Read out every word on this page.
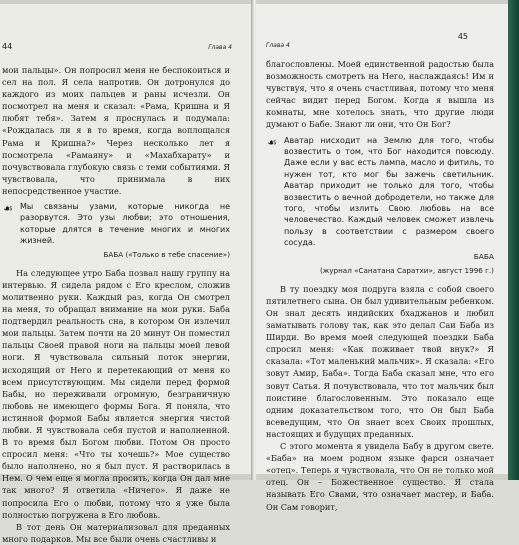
44	Глава 4

мои пальцы». Он попросил меня не беспокоиться и сел на пол. Я села напротив. Он дотронулся до каждого из моих пальцев и раны исчезли. Он посмотрел на меня и сказал: «Рама, Кришна и Я любят тебя». Затем я проснулась и подумала: «Рождалась ли я в то время, когда воплощался Рама и Кришна?» Через несколько лет я посмотрела «Рамаяну» и «Махабхарату» и почувствовала глубокую связь с теми событиями. Я чувствовала, что принимала в них непосредственное участие.

☙ Мы связаны узами, которые никогда не разорвутся. Это узы любви; это отношения, которые длятся в течение многих и многих жизней.
БАБА («Только в тебе спасение»)

На следующее утро Баба позвал нашу группу на интервью. Я сидела рядом с Его креслом, сложив молитвенно руки. Каждый раз, когда Он смотрел на меня, то обращал внимание на мои руки. Баба подтвердил реальность сна, в котором Он излечил мои пальцы. Затем почти на 20 минут Он поместил пальцы Своей правой ноги на пальцы моей левой ноги. Я чувствовала сильный поток энергии, исходящий от Него и перетекающий от меня ко всем присутствующим. Мы сидели перед формой Бабы, но переживали огромную, безграничную любовь не имеющего формы Бога. Я поняла, что истинной формой Бабы является энергия чистой любви. Я чувствовала себя пустой и наполненной. В то время был Богом любви. Потом Он просто спросил меня: «Что ты хочешь?» Мое существо было наполнено, но я был пуст. Я растворилась в Нем. О чем еще я могла просить, когда Он дал мне так много? Я ответила «Ничего». Я даже не попросила Его о любви, потому что я уже была полностью погружена в Его любовь.

В тот день Он материализовал для преданных много подарков. Мы все были очень счастливы и

Глава 4
45

благословлены. Моей единственной радостью была возможность смотреть на Него, наслаждаясь! Им и чувствуя, что я очень счастливая, потому что меня сейчас видит перед Богом. Когда я вышла из комнаты, мне хотелось знать, что другие люди думают о Бабе. Знают ли они, что Он Бог?

☙ Аватар нисходит на Землю для того, чтобы возвестить о том, что Бог находится повсюду. Даже если у вас есть лампа, масло и фитиль, то нужен тот, кто мог бы зажечь светильник. Аватар приходит не только для того, чтобы возвестить о вечной добродетели, но также для того, чтобы излить Свою любовь на все человечество. Каждый человек сможет извлечь пользу в соответствии с размером своего сосуда.
БАБА
(журнал «Санатана Саратхи», август 1996 г.)

В ту поездку моя подруга взяла с собой своего пятилетнего сына. Он был удивительным ребенком. Он знал десять индийских бхаджанов и любил заматывать голову так, как это делал Саи Баба из Ширди. Во время моей следующей поездки Баба спросил меня: «Как поживает твой внук?» Я сказала: «Тот маленький мальчик». Я сказала: «Его зовут Амир, Баба». Тогда Баба сказал мне, что его зовут Сатья. Я почувствовала, что тот мальчик был поистине благословенным. Это показало еще одним доказательством того, что Он был Баба всеведущим, что Он знает всех Своих прошлых, настоящих и будущих преданных.

С этого момента я увидела Бабу в другом свете. «Баба» на моем родном языке фарси означает «отец». Теперь я чувствовала, что Он не только мой отец. Он – Божественное существо. Я стала называть Его Свами, что означает мастер, и Баба. Он Сам говорит,
